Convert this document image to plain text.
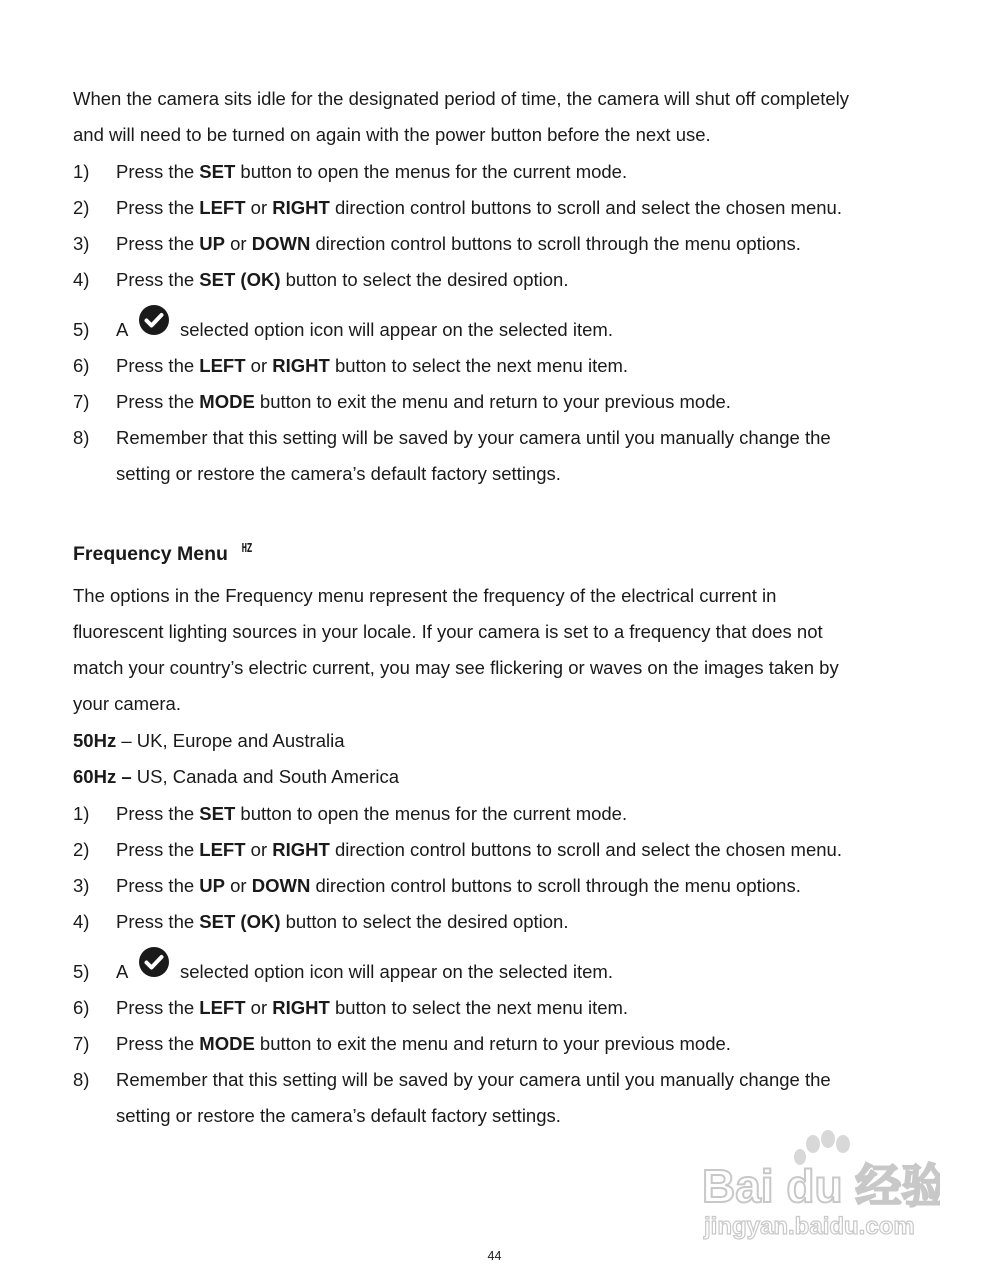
When the camera sits idle for the designated period of time, the camera will shut off completely
and will need to be turned on again with the power button before the next use.
1) Press the SET button to open the menus for the current mode.
2) Press the LEFT or RIGHT direction control buttons to scroll and select the chosen menu.
3) Press the UP or DOWN direction control buttons to scroll through the menu options.
4) Press the SET (OK) button to select the desired option.
5) A	selected option icon will appear on the selected item.
6) Press the LEFT or RIGHT button to select the next menu item.
7) Press the MODE button to exit the menu and return to your previous mode.
8) Remember that this setting will be saved by your camera until you manually change the
setting or restore the camera’s default factory settings.
Frequency Menu HZ
The options in the Frequency menu represent the frequency of the electrical current in
fluorescent lighting sources in your locale. If your camera is set to a frequency that does not
match your country’s electric current, you may see flickering or waves on the images taken by
your camera.
50Hz – UK, Europe and Australia
60Hz – US, Canada and South America
1) Press the SET button to open the menus for the current mode.
2) Press the LEFT or RIGHT direction control buttons to scroll and select the chosen menu.
3) Press the UP or DOWN direction control buttons to scroll through the menu options.
4) Press the SET (OK) button to select the desired option.
5) A	selected option icon will appear on the selected item.
6) Press the LEFT or RIGHT button to select the next menu item.
7) Press the MODE button to exit the menu and return to your previous mode.
8) Remember that this setting will be saved by your camera until you manually change the
setting or restore the camera’s default factory settings.
Bai du 经验
jingyan.baidu.com
44
